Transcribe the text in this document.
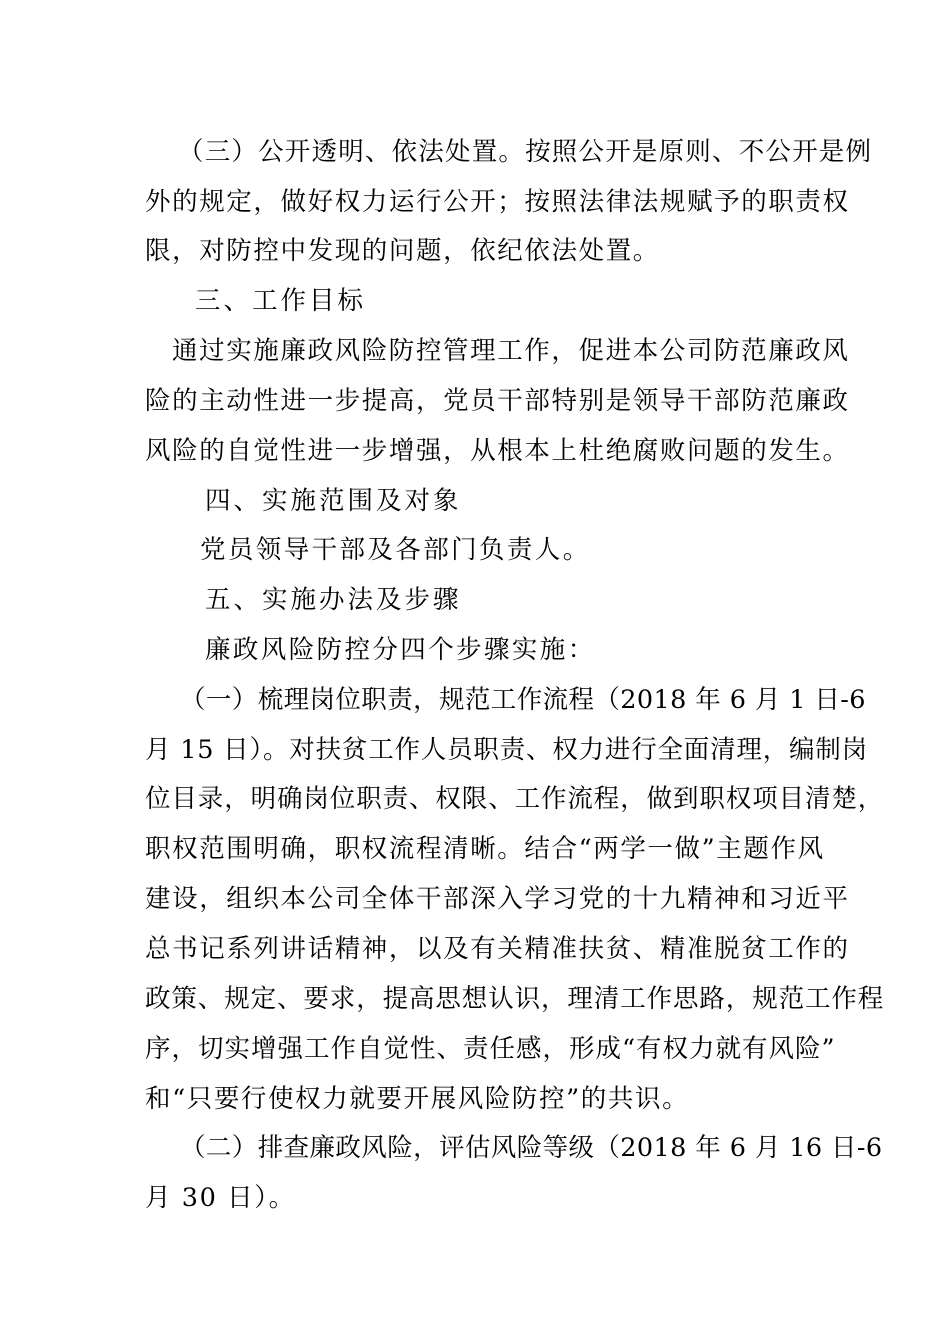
（三）公开透明、依法处置。按照公开是原则、不公开是例
外的规定，做好权力运行公开；按照法律法规赋予的职责权
限，对防控中发现的问题，依纪依法处置。
三、工作目标
通过实施廉政风险防控管理工作，促进本公司防范廉政风
险的主动性进一步提高，党员干部特别是领导干部防范廉政
风险的自觉性进一步增强，从根本上杜绝腐败问题的发生。
四、实施范围及对象
党员领导干部及各部门负责人。
五、实施办法及步骤
廉政风险防控分四个步骤实施：
（一）梳理岗位职责，规范工作流程（2018 年 6 月 1 日-6
月 15 日）。对扶贫工作人员职责、权力进行全面清理，编制岗
位目录，明确岗位职责、权限、工作流程，做到职权项目清楚，
职权范围明确，职权流程清晰。结合“两学一做”主题作风
建设，组织本公司全体干部深入学习党的十九精神和习近平
总书记系列讲话精神，以及有关精准扶贫、精准脱贫工作的
政策、规定、要求，提高思想认识，理清工作思路，规范工作程
序，切实增强工作自觉性、责任感，形成“有权力就有风险”
和“只要行使权力就要开展风险防控”的共识。
（二）排查廉政风险，评估风险等级（2018 年 6 月 16 日-6
月 30 日）。
